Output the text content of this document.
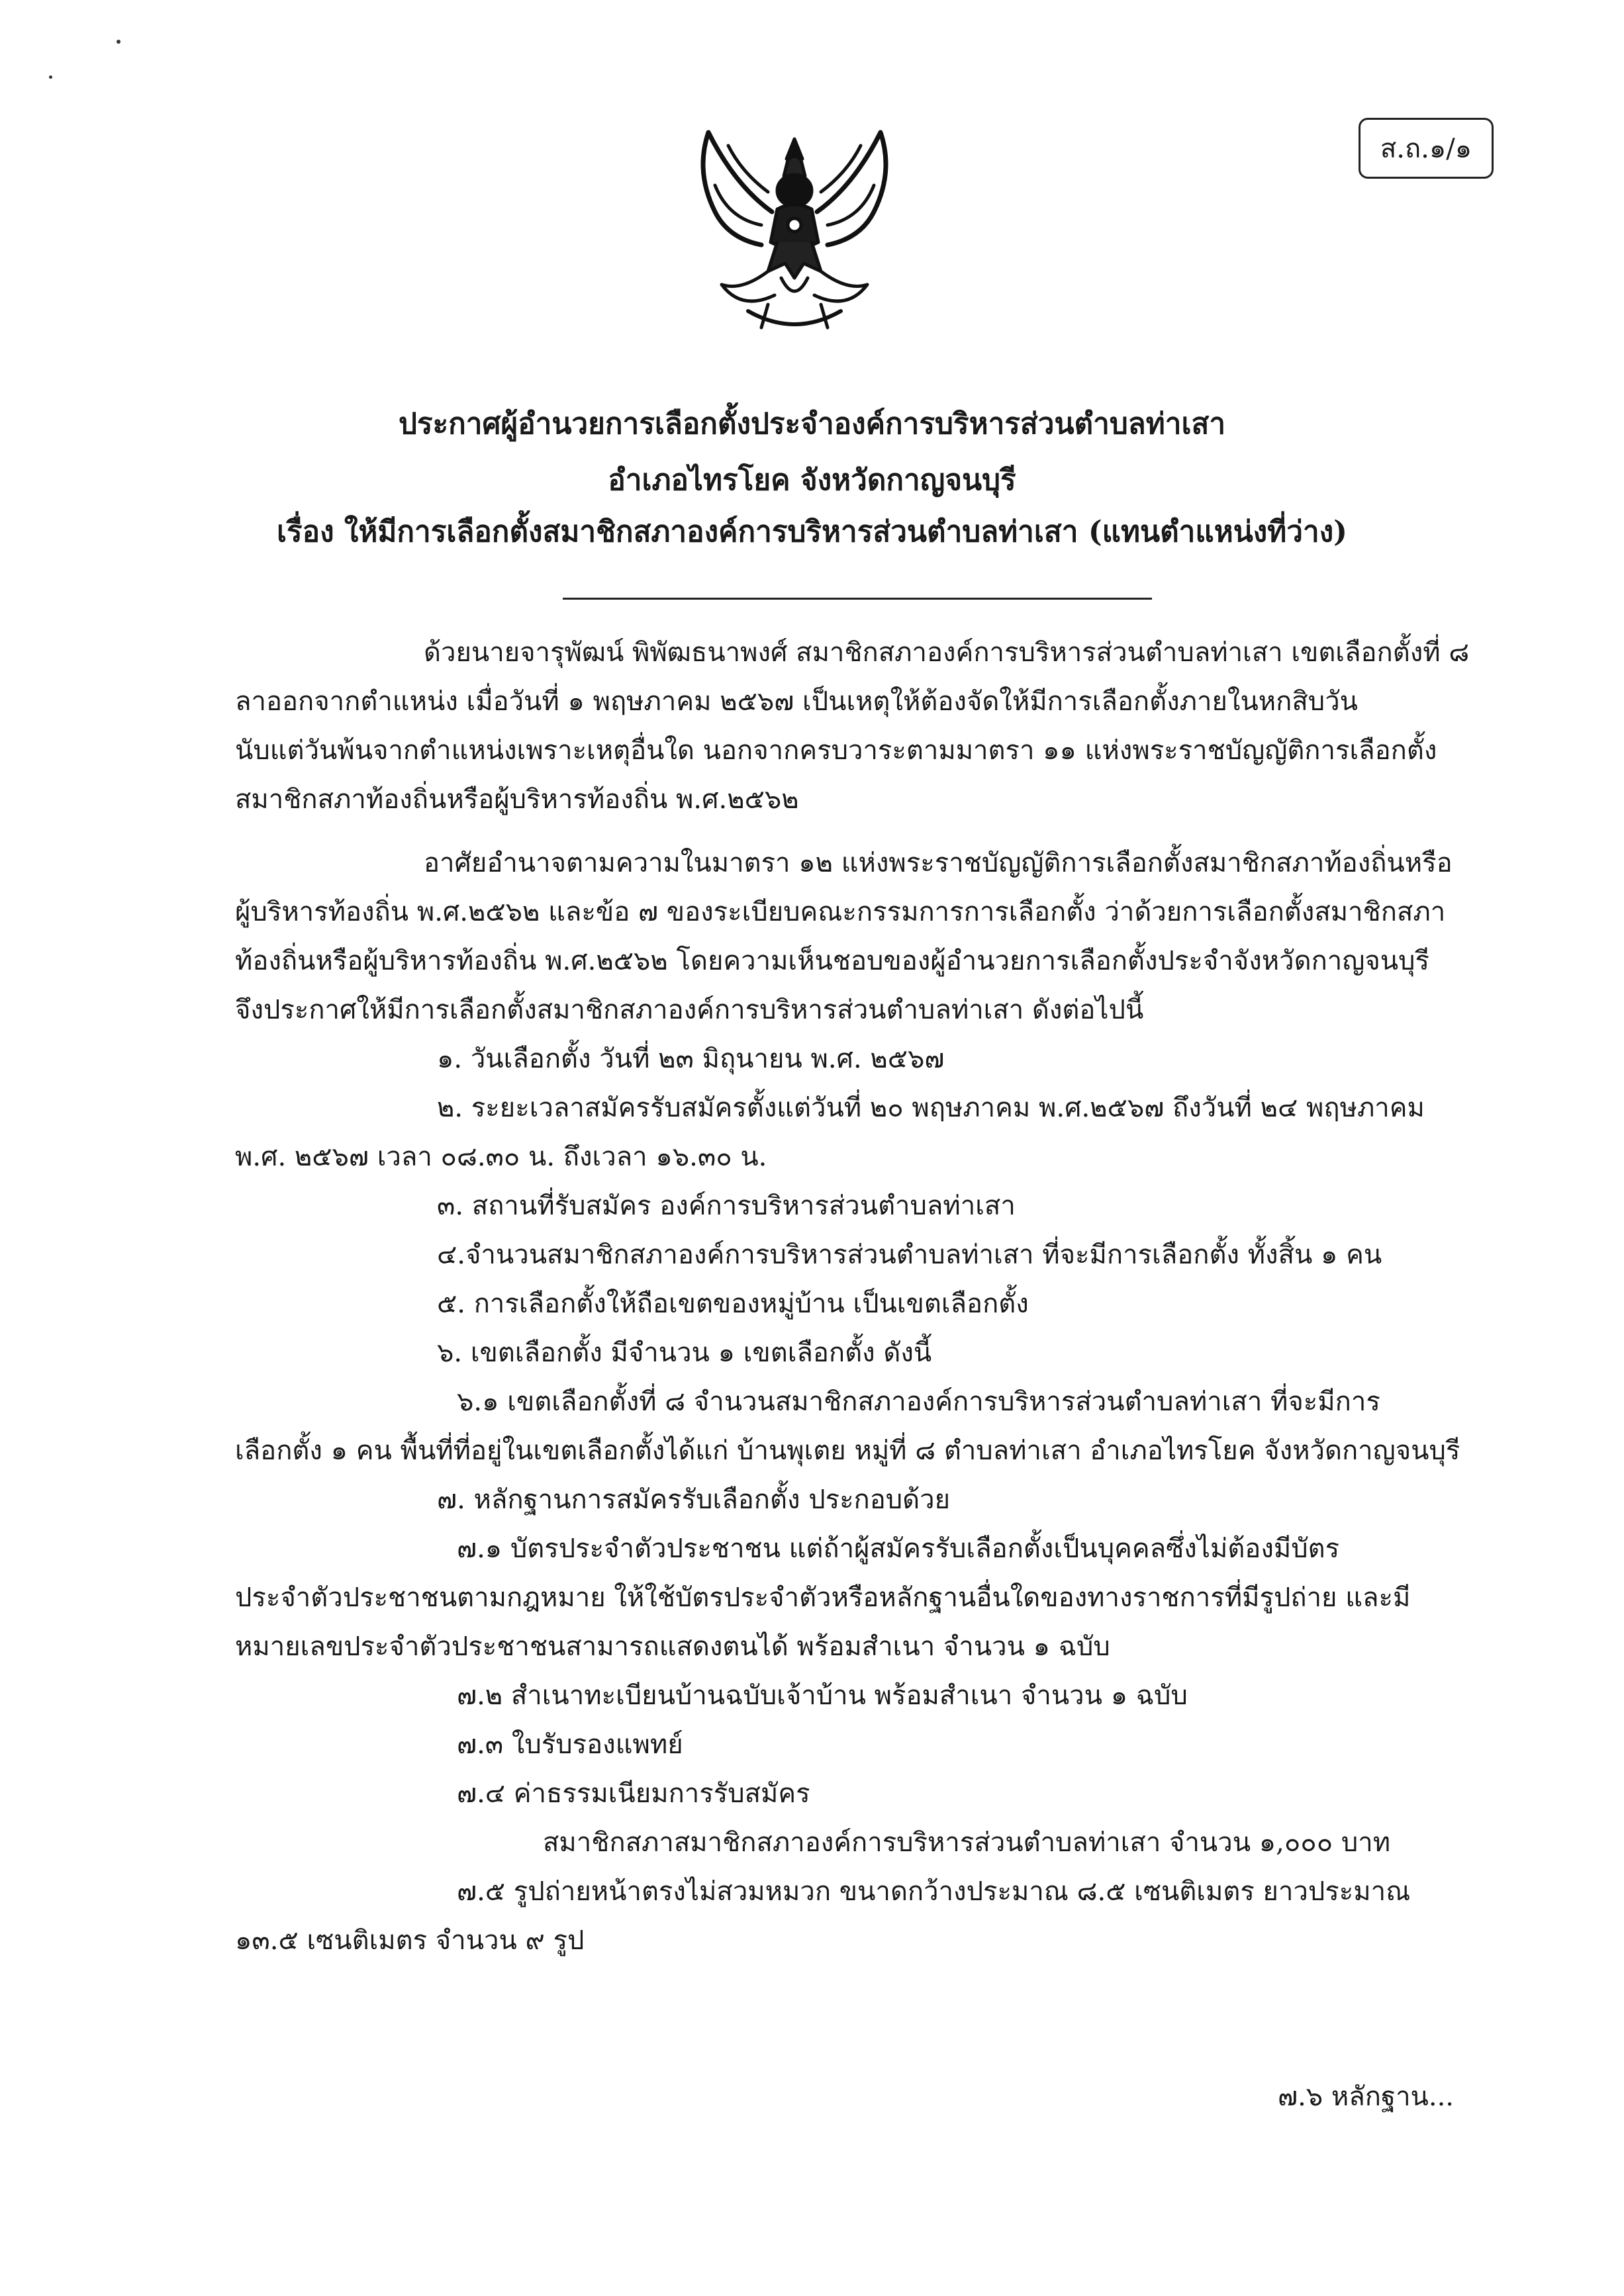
ส.ถ.๑/๑
ประกาศผู้อำนวยการเลือกตั้งประจำองค์การบริหารส่วนตำบลท่าเสา
อำเภอไทรโยค จังหวัดกาญจนบุรี
เรื่อง ให้มีการเลือกตั้งสมาชิกสภาองค์การบริหารส่วนตำบลท่าเสา (แทนตำแหน่งที่ว่าง)
ด้วยนายจารุพัฒน์ พิพัฒธนาพงศ์ สมาชิกสภาองค์การบริหารส่วนตำบลท่าเสา เขตเลือกตั้งที่ ๘
ลาออกจากตำแหน่ง เมื่อวันที่ ๑ พฤษภาคม ๒๕๖๗ เป็นเหตุให้ต้องจัดให้มีการเลือกตั้งภายในหกสิบวัน
นับแต่วันพ้นจากตำแหน่งเพราะเหตุอื่นใด นอกจากครบวาระตามมาตรา ๑๑ แห่งพระราชบัญญัติการเลือกตั้ง
สมาชิกสภาท้องถิ่นหรือผู้บริหารท้องถิ่น พ.ศ.๒๕๖๒
อาศัยอำนาจตามความในมาตรา ๑๒ แห่งพระราชบัญญัติการเลือกตั้งสมาชิกสภาท้องถิ่นหรือ
ผู้บริหารท้องถิ่น พ.ศ.๒๕๖๒ และข้อ ๗ ของระเบียบคณะกรรมการการเลือกตั้ง ว่าด้วยการเลือกตั้งสมาชิกสภา
ท้องถิ่นหรือผู้บริหารท้องถิ่น พ.ศ.๒๕๖๒ โดยความเห็นชอบของผู้อำนวยการเลือกตั้งประจำจังหวัดกาญจนบุรี
จึงประกาศให้มีการเลือกตั้งสมาชิกสภาองค์การบริหารส่วนตำบลท่าเสา ดังต่อไปนี้
๑. วันเลือกตั้ง วันที่ ๒๓ มิถุนายน พ.ศ. ๒๕๖๗
๒. ระยะเวลาสมัครรับสมัครตั้งแต่วันที่ ๒๐ พฤษภาคม พ.ศ.๒๕๖๗ ถึงวันที่ ๒๔ พฤษภาคม
พ.ศ. ๒๕๖๗ เวลา ๐๘.๓๐ น. ถึงเวลา ๑๖.๓๐ น.
๓. สถานที่รับสมัคร องค์การบริหารส่วนตำบลท่าเสา
๔.จำนวนสมาชิกสภาองค์การบริหารส่วนตำบลท่าเสา ที่จะมีการเลือกตั้ง ทั้งสิ้น ๑ คน
๕. การเลือกตั้งให้ถือเขตของหมู่บ้าน เป็นเขตเลือกตั้ง
๖. เขตเลือกตั้ง มีจำนวน ๑ เขตเลือกตั้ง ดังนี้
๖.๑ เขตเลือกตั้งที่ ๘ จำนวนสมาชิกสภาองค์การบริหารส่วนตำบลท่าเสา ที่จะมีการ
เลือกตั้ง ๑ คน พื้นที่ที่อยู่ในเขตเลือกตั้งได้แก่ บ้านพุเตย หมู่ที่ ๘ ตำบลท่าเสา อำเภอไทรโยค จังหวัดกาญจนบุรี
๗. หลักฐานการสมัครรับเลือกตั้ง ประกอบด้วย
๗.๑ บัตรประจำตัวประชาชน แต่ถ้าผู้สมัครรับเลือกตั้งเป็นบุคคลซึ่งไม่ต้องมีบัตร
ประจำตัวประชาชนตามกฎหมาย ให้ใช้บัตรประจำตัวหรือหลักฐานอื่นใดของทางราชการที่มีรูปถ่าย และมี
หมายเลขประจำตัวประชาชนสามารถแสดงตนได้ พร้อมสำเนา จำนวน ๑ ฉบับ
๗.๒ สำเนาทะเบียนบ้านฉบับเจ้าบ้าน พร้อมสำเนา จำนวน ๑ ฉบับ
๗.๓ ใบรับรองแพทย์
๗.๔ ค่าธรรมเนียมการรับสมัคร
สมาชิกสภาสมาชิกสภาองค์การบริหารส่วนตำบลท่าเสา จำนวน ๑,๐๐๐ บาท
๗.๕ รูปถ่ายหน้าตรงไม่สวมหมวก ขนาดกว้างประมาณ ๘.๕ เซนติเมตร ยาวประมาณ
๑๓.๕ เซนติเมตร จำนวน ๙ รูป
๗.๖ หลักฐาน...
